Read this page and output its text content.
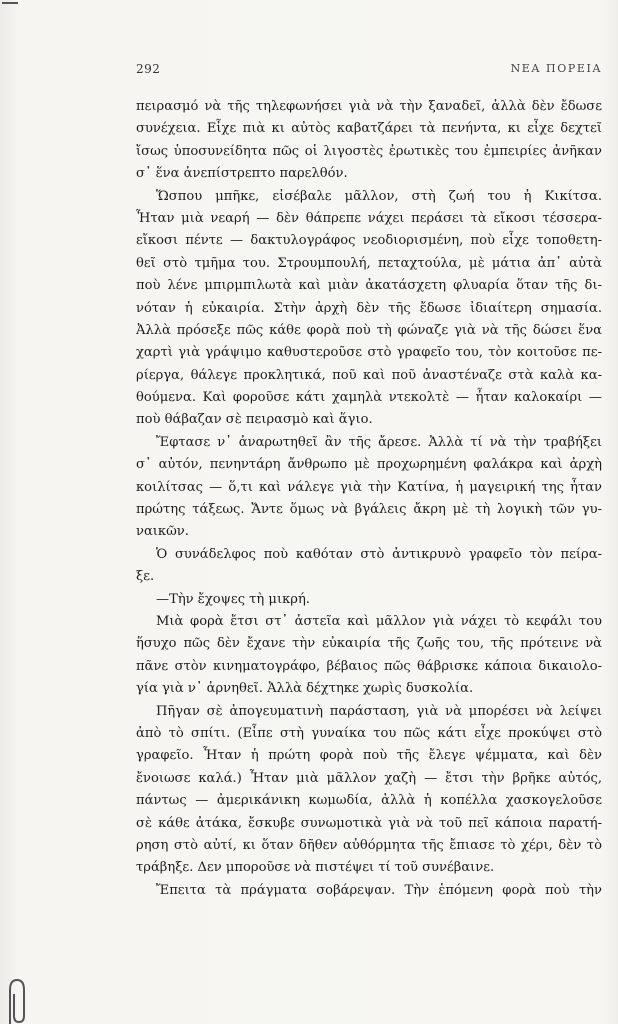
292	ΝΕΑ ΠΟΡΕΙΑ
πειρασμό νὰ τῆς τηλεφωνήσει γιὰ νὰ τὴν ξαναδεῖ, ἀλλὰ δὲν ἔδωσε
συνέχεια. Εἶχε πιὰ κι αὐτὸς καβατζάρει τὰ πενήντα, κι εἶχε δεχτεῖ
ἴσως ὑποσυνείδητα πῶς οἱ λιγοστὲς ἐρωτικὲς του ἐμπειρίες ἀνῆκαν
σ᾽ ἕνα ἀνεπίστρεπτο παρελθόν.
Ὥσπου μπῆκε, εἰσέβαλε μᾶλλον, στὴ ζωή του ἡ Κικίτσα.
Ἦταν μιὰ νεαρή — δὲν θάπρεπε νάχει περάσει τὰ εἴκοσι τέσσερα-
εἴκοσι πέντε — δακτυλογράφος νεοδιορισμένη, ποὺ εἶχε τοποθετη-
θεῖ στὸ τμῆμα του. Στρουμπουλή, πεταχτούλα, μὲ μάτια ἀπ᾽ αὐτὰ
ποὺ λένε μπιρμπιλωτὰ καὶ μιὰν ἀκατάσχετη φλυαρία ὅταν τῆς δι-
νόταν ἡ εὐκαιρία. Στὴν ἀρχὴ δὲν τῆς ἔδωσε ἰδιαίτερη σημασία.
Ἀλλὰ πρόσεξε πῶς κάθε φορὰ ποὺ τὴ φώναζε γιὰ νὰ τῆς δώσει ἕνα
χαρτὶ γιὰ γράψιμο καθυστεροῦσε στὸ γραφεῖο του, τὸν κοιτοῦσε πε-
ρίεργα, θάλεγε προκλητικά, ποῦ καὶ ποῦ ἀναστέναζε στὰ καλὰ κα-
θούμενα. Καὶ φοροῦσε κάτι χαμηλὰ ντεκολτὲ — ἦταν καλοκαίρι —
ποὺ θάβαζαν σὲ πειρασμὸ καὶ ἅγιο.
Ἔφτασε ν᾽ ἀναρωτηθεῖ ἂν τῆς ἄρεσε. Ἀλλὰ τί νὰ τὴν τραβήξει
σ᾽ αὐτόν, πενηντάρη ἄνθρωπο μὲ προχωρημένη φαλάκρα καὶ ἀρχὴ
κοιλίτσας — ὅ,τι καὶ νάλεγε γιὰ τὴν Κατίνα, ἡ μαγειρική της ἦταν
πρώτης τάξεως. Ἄντε ὅμως νὰ βγάλεις ἄκρη μὲ τὴ λογικὴ τῶν γυ-
ναικῶν.
Ὁ συνάδελφος ποὺ καθόταν στὸ ἀντικρυνὸ γραφεῖο τὸν πείρα-
ξε.
—Τὴν ἔχοψες τὴ μικρή.
Μιὰ φορὰ ἔτσι στ᾽ ἀστεῖα καὶ μᾶλλον γιὰ νάχει τὸ κεφάλι του
ἥσυχο πῶς δὲν ἔχανε τὴν εὐκαιρία τῆς ζωῆς του, τῆς πρότεινε νὰ
πᾶνε στὸν κινηματογράφο, βέβαιος πῶς θάβρισκε κάποια δικαιολο-
γία γιὰ ν᾽ ἀρνηθεῖ. Ἀλλὰ δέχτηκε χωρὶς δυσκολία.
Πῆγαν σὲ ἀπογευματινὴ παράσταση, γιὰ νὰ μπορέσει νὰ λείψει
ἀπὸ τὸ σπίτι. (Εἶπε στὴ γυναίκα του πῶς κάτι εἶχε προκύψει στὸ
γραφεῖο. Ἦταν ἡ πρώτη φορὰ ποὺ τῆς ἔλεγε ψέμματα, καὶ δὲν
ἔνοιωσε καλά.) Ἦταν μιὰ μᾶλλον χαζὴ — ἔτσι τὴν βρῆκε αὐτός,
πάντως — ἀμερικάνικη κωμωδία, ἀλλὰ ἡ κοπέλλα χασκογελοῦσε
σὲ κάθε ἀτάκα, ἔσκυβε συνωμοτικὰ γιὰ νὰ τοῦ πεῖ κάποια παρατή-
ρηση στὸ αὐτί, κι ὅταν δῆθεν αὐθόρμητα τῆς ἔπιασε τὸ χέρι, δὲν τὸ
τράβηξε. Δεν μποροῦσε νὰ πιστέψει τί τοῦ συνέβαινε.
Ἔπειτα τὰ πράγματα σοβάρεψαν. Τὴν ἑπόμενη φορὰ ποὺ τὴν
